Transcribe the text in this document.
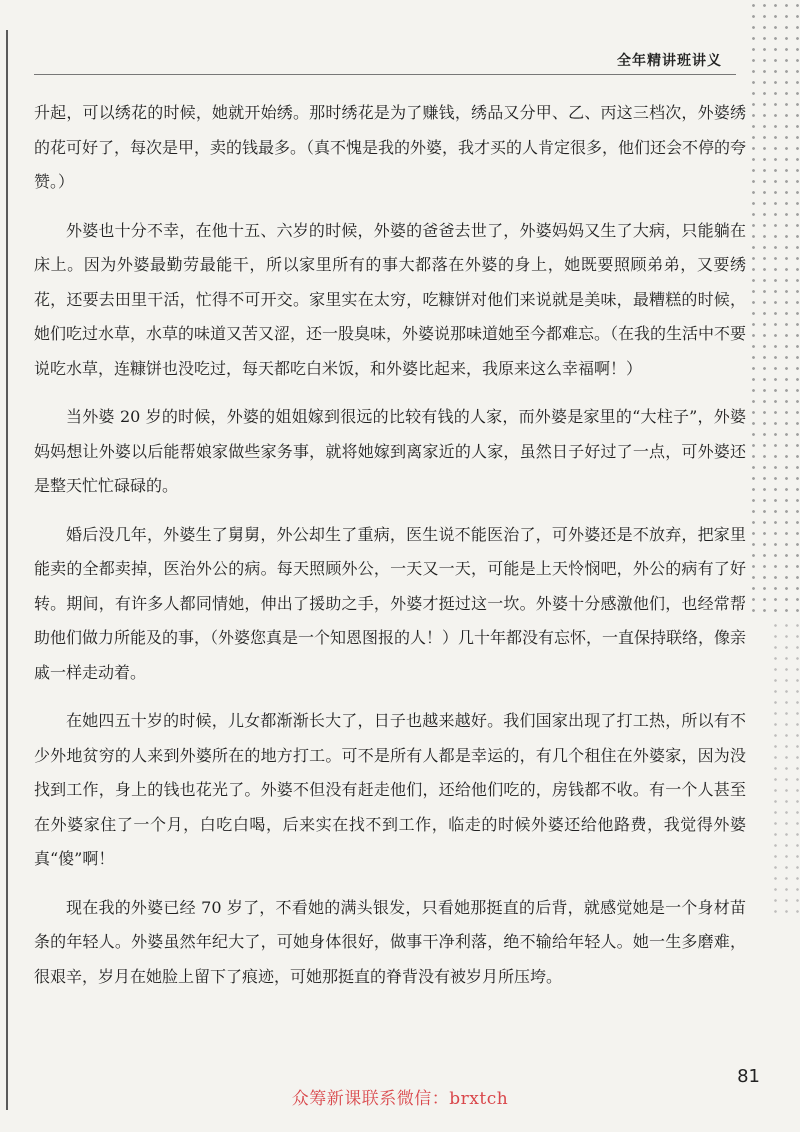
全年精讲班讲义

升起，可以绣花的时候，她就开始绣。那时绣花是为了赚钱，绣品又分甲、乙、丙这三档次，外婆绣的花可好了，每次是甲，卖的钱最多。（真不愧是我的外婆，我才买的人肯定很多，他们还会不停的夸赞。）

外婆也十分不幸，在他十五、六岁的时候，外婆的爸爸去世了，外婆妈妈又生了大病，只能躺在床上。因为外婆最勤劳最能干，所以家里所有的事大都落在外婆的身上，她既要照顾弟弟，又要绣花，还要去田里干活，忙得不可开交。家里实在太穷，吃糠饼对他们来说就是美味，最糟糕的时候，她们吃过水草，水草的味道又苦又涩，还一股臭味，外婆说那味道她至今都难忘。（在我的生活中不要说吃水草，连糠饼也没吃过，每天都吃白米饭，和外婆比起来，我原来这么幸福啊！）

当外婆 20 岁的时候，外婆的姐姐嫁到很远的比较有钱的人家，而外婆是家里的“大柱子”，外婆妈妈想让外婆以后能帮娘家做些家务事，就将她嫁到离家近的人家，虽然日子好过了一点，可外婆还是整天忙忙碌碌的。

婚后没几年，外婆生了舅舅，外公却生了重病，医生说不能医治了，可外婆还是不放弃，把家里能卖的全都卖掉，医治外公的病。每天照顾外公，一天又一天，可能是上天怜悯吧，外公的病有了好转。期间，有许多人都同情她，伸出了援助之手，外婆才挺过这一坎。外婆十分感激他们，也经常帮助他们做力所能及的事，（外婆您真是一个知恩图报的人！）几十年都没有忘怀，一直保持联络，像亲戚一样走动着。

在她四五十岁的时候，儿女都渐渐长大了，日子也越来越好。我们国家出现了打工热，所以有不少外地贫穷的人来到外婆所在的地方打工。可不是所有人都是幸运的，有几个租住在外婆家，因为没找到工作，身上的钱也花光了。外婆不但没有赶走他们，还给他们吃的，房钱都不收。有一个人甚至在外婆家住了一个月，白吃白喝，后来实在找不到工作，临走的时候外婆还给他路费，我觉得外婆真“傻”啊！

现在我的外婆已经 70 岁了，不看她的满头银发，只看她那挺直的后背，就感觉她是一个身材苗条的年轻人。外婆虽然年纪大了，可她身体很好，做事干净利落，绝不输给年轻人。她一生多磨难，很艰辛，岁月在她脸上留下了痕迹，可她那挺直的脊背没有被岁月所压垮。

81
众筹新课联系微信：brxtch
